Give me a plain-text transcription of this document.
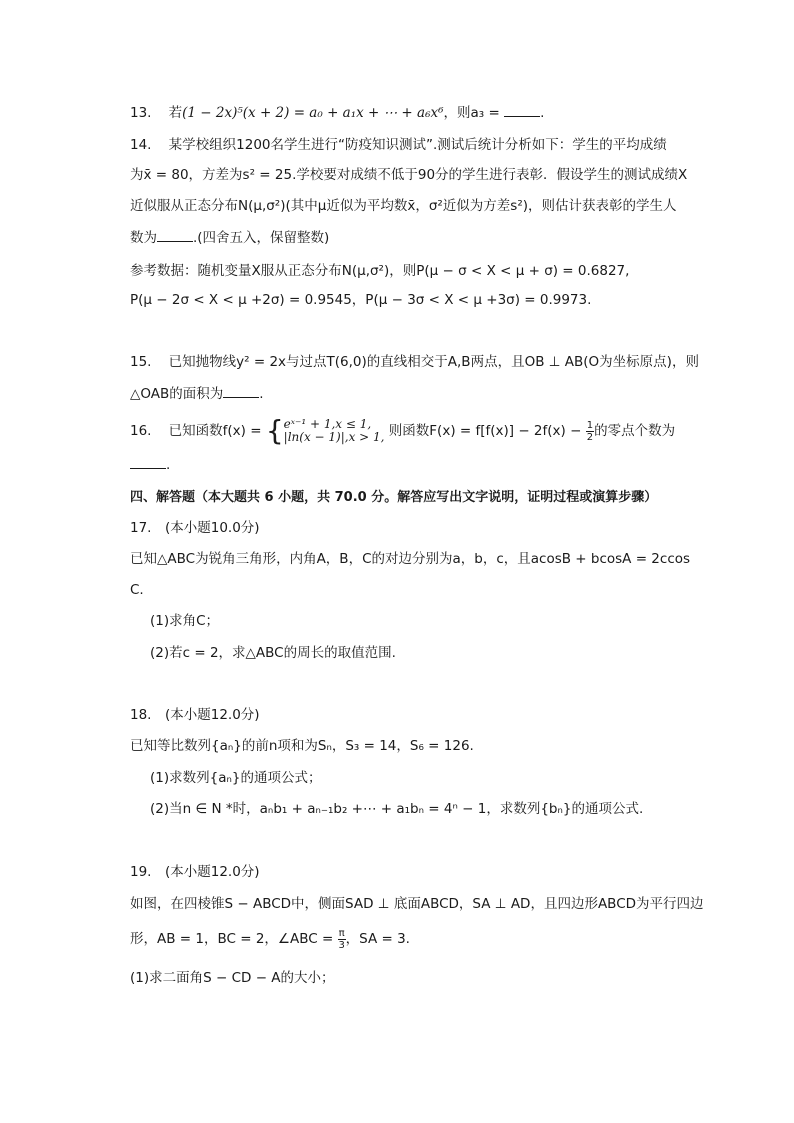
13. 若(1 − 2x)⁵(x + 2) = a₀ + a₁x + ⋯ + a₆x⁶，则a₃ =	.
14. 某学校组织1200名学生进行“防疫知识测试”.测试后统计分析如下：学生的平均成绩
为x̄ = 80，方差为s² = 25.学校要对成绩不低于90分的学生进行表彰．假设学生的测试成绩X
近似服从正态分布N(μ,σ²)(其中μ近似为平均数x̄，σ²近似为方差s²)，则估计获表彰的学生人
数为	.(四舍五入，保留整数)
参考数据：随机变量X服从正态分布N(μ,σ²)，则P(μ − σ < X < μ + σ) = 0.6827,
P(μ − 2σ < X < μ +2σ) = 0.9545，P(μ − 3σ < X < μ +3σ) = 0.9973.
15. 已知抛物线y² = 2x与过点T(6,0)的直线相交于A,B两点，且OB ⊥ AB(O为坐标原点)，则
△OAB的面积为	.
16. 已知函数f(x) = {eˣ⁻¹ + 1,x ≤ 1,
|ln(x − 1)|,x > 1, 则函数$F(x) = f[f(x)] - 2f(x) - \frac{1}{2}$ 的零点个数为
.
四、解答题（本大题共 6 小题，共 70.0 分。解答应写出文字说明，证明过程或演算步骤）
17.　(本小题10.0分)
已知△ABC为锐角三角形，内角A，B，C的对边分别为a，b，c，且acosB + bcosA = 2ccos
C.
(1)求角C；
(2)若c = 2，求△ABC的周长的取值范围.
18.　(本小题12.0分)
已知等比数列{aₙ}的前n项和为Sₙ，S₃ = 14，S₆ = 126.
(1)求数列{aₙ}的通项公式；
(2)当n ∈ N *时，aₙb₁ + aₙ₋₁b₂ +⋯ + a₁bₙ = 4ⁿ − 1，求数列{bₙ}的通项公式.
19.　(本小题12.0分)
如图，在四棱锥S − ABCD中，侧面SAD ⊥ 底面ABCD，SA ⊥ AD，且四边形ABCD为平行四边
形，AB = 1，BC = 2，∠ABC = $\frac{\pi}{3}$ ，SA = 3.
(1)求二面角S − CD − A的大小；
